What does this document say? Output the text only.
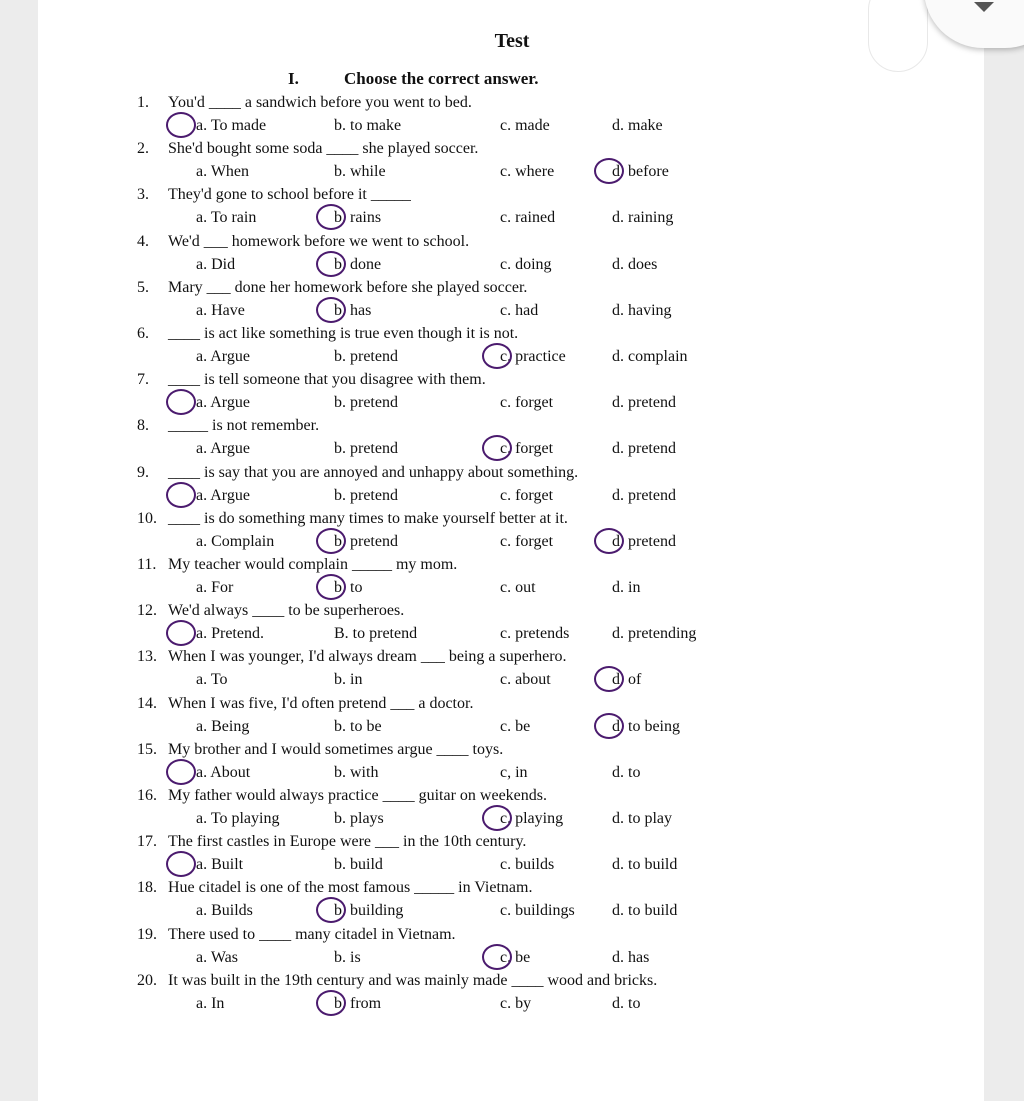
Test
I.	Choose the correct answer.
1. You'd ____ a sandwich before you went to bed.
a. To made	b. to make	c. made	d. make
2. She'd bought some soda ____ she played soccer.
a. When	b. while	c. where	d. before
3. They'd gone to school before it _____
a. To rain	b. rains	c. rained	d. raining
4. We'd ___ homework before we went to school.
a. Did	b. done	c. doing	d. does
5. Mary ___ done her homework before she played soccer.
a. Have	b. has	c. had	d. having
6. ____ is act like something is true even though it is not.
a. Argue	b. pretend	c. practice	d. complain
7. ____ is tell someone that you disagree with them.
a. Argue	b. pretend	c. forget	d. pretend
8. _____ is not remember.
a. Argue	b. pretend	c. forget	d. pretend
9. ____ is say that you are annoyed and unhappy about something.
a. Argue	b. pretend	c. forget	d. pretend
10. ____ is do something many times to make yourself better at it.
a. Complain	b. pretend	c. forget	d. pretend
11. My teacher would complain _____ my mom.
a. For	b. to	c. out	d. in
12. We'd always ____ to be superheroes.
a. Pretend.	B. to pretend	c. pretends	d. pretending
13. When I was younger, I'd always dream ___ being a superhero.
a. To	b. in	c. about	d. of
14. When I was five, I'd often pretend ___ a doctor.
a. Being	b. to be	c. be	d. to being
15. My brother and I would sometimes argue ____ toys.
a. About	b. with	c, in	d. to
16. My father would always practice ____ guitar on weekends.
a. To playing	b. plays	c. playing	d. to play
17. The first castles in Europe were ___ in the 10th century.
a. Built	b. build	c. builds	d. to build
18. Hue citadel is one of the most famous _____ in Vietnam.
a. Builds	b. building	c. buildings d. to build
19. There used to ____ many citadel in Vietnam.
a. Was	b. is	c. be	d. has
20. It was built in the 19th century and was mainly made ____ wood and bricks.
a. In	b. from	c. by	d. to
